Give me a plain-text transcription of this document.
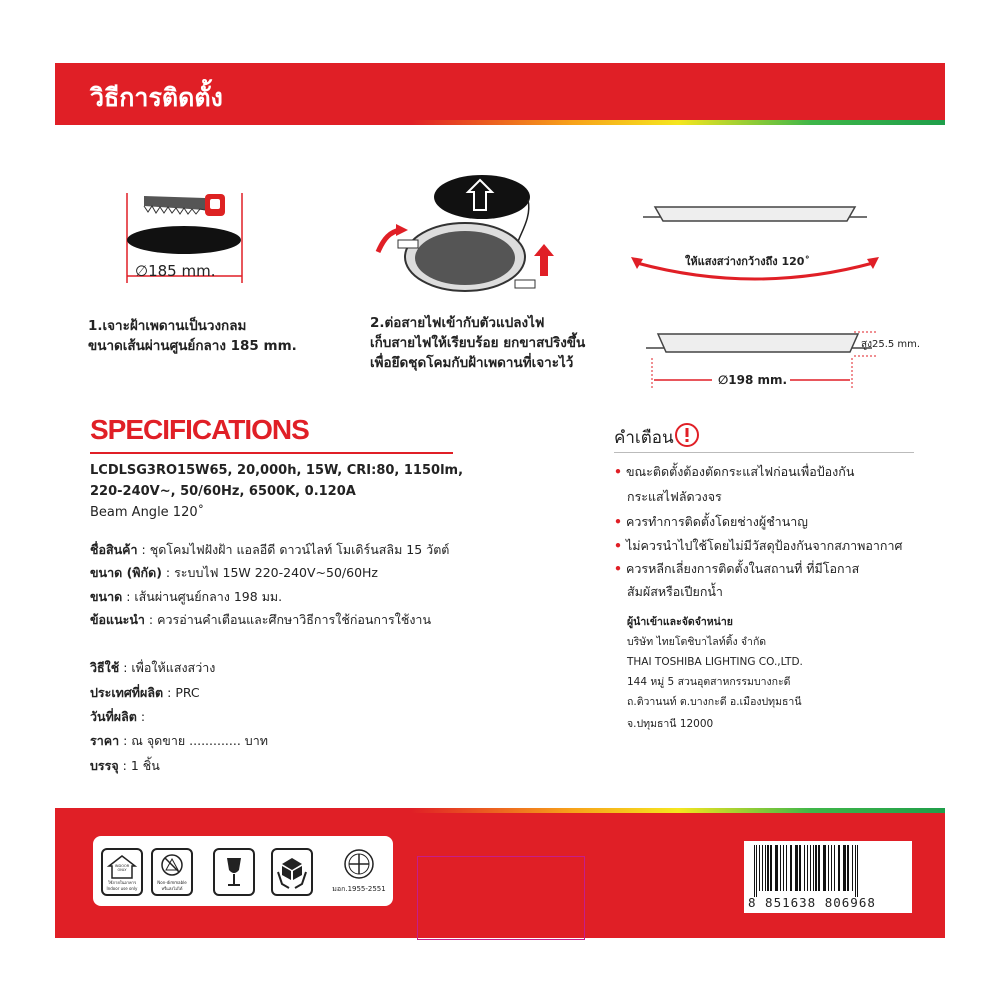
วิธีการติดตั้ง
∅185 mm.
1.เจาะฝ้าเพดานเป็นวงกลม
ขนาดเส้นผ่านศูนย์กลาง 185 mm.
2.ต่อสายไฟเข้ากับตัวแปลงไฟ
เก็บสายไฟให้เรียบร้อย ยกขาสปริงขึ้น
เพื่อยึดชุดโคมกับฝ้าเพดานที่เจาะไว้
ให้แสงสว่างกว้างถึง 120˚
สูง25.5 mm.
∅198 mm.
SPECIFICATIONS
LCDLSG3RO15W65, 20,000h, 15W, CRI:80, 1150lm,
220-240V~, 50/60Hz, 6500K, 0.120A
Beam Angle 120˚
ชื่อสินค้า : ชุดโคมไฟฝังฝ้า แอลอีดี ดาวน์ไลท์ โมเดิร์นสลิม 15 วัตต์
ขนาด (พิกัด) : ระบบไฟ 15W 220-240V~50/60Hz
ขนาด : เส้นผ่านศูนย์กลาง 198 มม.
ข้อแนะนำ : ควรอ่านคำเตือนและศึกษาวิธีการใช้ก่อนการใช้งาน
วิธีใช้ : เพื่อให้แสงสว่าง
ประเทศที่ผลิต : PRC
วันที่ผลิต :
ราคา : ณ จุดขาย ............. บาท
บรรจุ : 1 ชิ้น
คำเตือน
• ขณะติดตั้งต้องตัดกระแสไฟก่อนเพื่อป้องกัน
กระแสไฟลัดวงจร
• ควรทำการติดตั้งโดยช่างผู้ชำนาญ
• ไม่ควรนำไปใช้โดยไม่มีวัสดุป้องกันจากสภาพอากาศ
• ควรหลีกเลี่ยงการติดตั้งในสถานที่ ที่มีโอกาส
สัมผัสหรือเปียกน้ำ
ผู้นำเข้าและจัดจำหน่าย
บริษัท ไทยโตชิบาไลท์ติ้ง จำกัด
THAI TOSHIBA LIGHTING CO.,LTD.
144 หมู่ 5 สวนอุตสาหกรรมบางกะดี
ถ.ติวานนท์ ต.บางกะดี อ.เมืองปทุมธานี
จ.ปทุมธานี 12000
INDOOR ONLY
ใช้ภายในอาคาร
Indoor use only
Non-dimmable
หรี่แสงไม่ได้	มอก.1955-2551
8 851638 806968
